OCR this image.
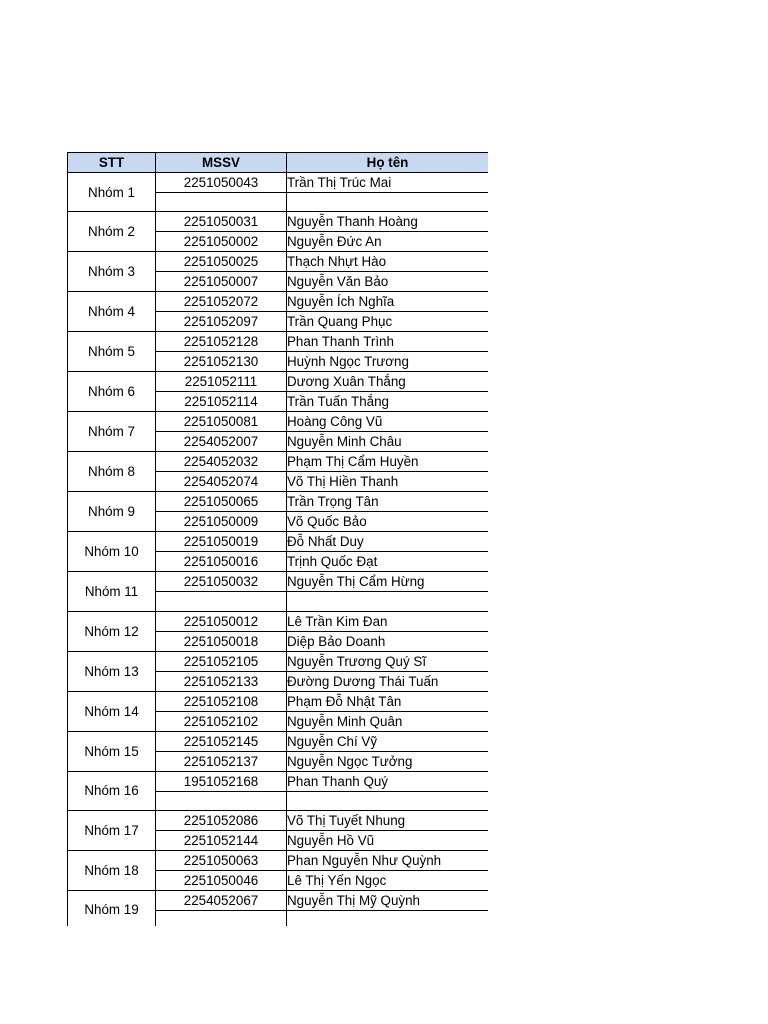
STT	MSSV	Họ tên
Nhóm 1	2251050043	Trần Thị Trúc Mai

Nhóm 2	2251050031	Nguyễn Thanh Hoàng
	2251050002	Nguyễn Đức An
Nhóm 3	2251050025	Thạch Nhựt Hào
	2251050007	Nguyễn Văn Bảo
Nhóm 4	2251052072	Nguyễn Ích Nghĩa
	2251052097	Trần Quang Phục
Nhóm 5	2251052128	Phan Thanh Trình
	2251052130	Huỳnh Ngọc Trương
Nhóm 6	2251052111	Dương Xuân Thắng
	2251052114	Trần Tuấn Thắng
Nhóm 7	2251050081	Hoàng Công Vũ
	2254052007	Nguyễn Minh Châu
Nhóm 8	2254052032	Phạm Thị Cẩm Huyền
	2254052074	Võ Thị Hiền Thanh
Nhóm 9	2251050065	Trần Trọng Tân
	2251050009	Võ Quốc Bảo
Nhóm 10	2251050019	Đỗ Nhất Duy
	2251050016	Trịnh Quốc Đạt
Nhóm 11	2251050032	Nguyễn Thị Cẩm Hừng

Nhóm 12	2251050012	Lê Trần Kim Đan
	2251050018	Diệp Bảo Doanh
Nhóm 13	2251052105	Nguyễn Trương Quý Sĩ
	2251052133	Đường Dương Thái Tuấn
Nhóm 14	2251052108	Phạm Đỗ Nhật Tân
	2251052102	Nguyễn Minh Quân
Nhóm 15	2251052145	Nguyễn Chí Vỹ
	2251052137	Nguyễn Ngọc Tưởng
Nhóm 16	1951052168	Phan Thanh Quý

Nhóm 17	2251052086	Võ Thị Tuyết Nhung
	2251052144	Nguyễn Hồ Vũ
Nhóm 18	2251050063	Phan Nguyễn Như Quỳnh
	2251050046	Lê Thị Yến Ngọc
Nhóm 19	2254052067	Nguyễn Thị Mỹ Quỳnh
